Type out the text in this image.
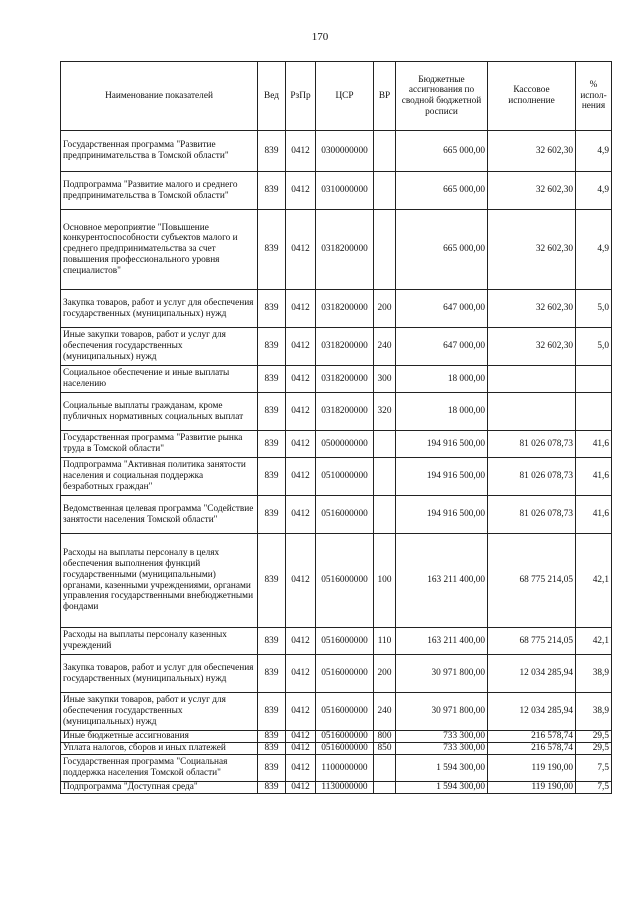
170
Наименование показателей	Вед	РзПр	ЦСР	ВР	Бюджетные ассигнования по сводной бюджетной росписи	Кассовое исполнение	% испол-нения
Государственная программа "Развитие предпринимательства в Томской области"	839	0412	0300000000		665 000,00	32 602,30	4,9
Подпрограмма "Развитие малого и среднего предпринимательства в Томской области"	839	0412	0310000000		665 000,00	32 602,30	4,9
Основное мероприятие "Повышение конкурентоспособности субъектов малого и среднего предпринимательства за счет повышения профессионального уровня специалистов"	839	0412	0318200000		665 000,00	32 602,30	4,9
Закупка товаров, работ и услуг для обеспечения государственных (муниципальных) нужд	839	0412	0318200000	200	647 000,00	32 602,30	5,0
Иные закупки товаров, работ и услуг для обеспечения государственных (муниципальных) нужд	839	0412	0318200000	240	647 000,00	32 602,30	5,0
Социальное обеспечение и иные выплаты населению	839	0412	0318200000	300	18 000,00		
Социальные выплаты гражданам, кроме публичных нормативных социальных выплат	839	0412	0318200000	320	18 000,00		
Государственная программа "Развитие рынка труда в Томской области"	839	0412	0500000000		194 916 500,00	81 026 078,73	41,6
Подпрограмма "Активная политика занятости населения и социальная поддержка безработных граждан"	839	0412	0510000000		194 916 500,00	81 026 078,73	41,6
Ведомственная целевая программа "Содействие занятости населения Томской области"	839	0412	0516000000		194 916 500,00	81 026 078,73	41,6
Расходы на выплаты персоналу в целях обеспечения выполнения функций государственными (муниципальными) органами, казенными учреждениями, органами управления государственными внебюджетными фондами	839	0412	0516000000	100	163 211 400,00	68 775 214,05	42,1
Расходы на выплаты персоналу казенных учреждений	839	0412	0516000000	110	163 211 400,00	68 775 214,05	42,1
Закупка товаров, работ и услуг для обеспечения государственных (муниципальных) нужд	839	0412	0516000000	200	30 971 800,00	12 034 285,94	38,9
Иные закупки товаров, работ и услуг для обеспечения государственных (муниципальных) нужд	839	0412	0516000000	240	30 971 800,00	12 034 285,94	38,9
Иные бюджетные ассигнования	839	0412	0516000000	800	733 300,00	216 578,74	29,5
Уплата налогов, сборов и иных платежей	839	0412	0516000000	850	733 300,00	216 578,74	29,5
Государственная программа "Социальная поддержка населения Томской области"	839	0412	1100000000		1 594 300,00	119 190,00	7,5
Подпрограмма "Доступная среда"	839	0412	1130000000		1 594 300,00	119 190,00	7,5
